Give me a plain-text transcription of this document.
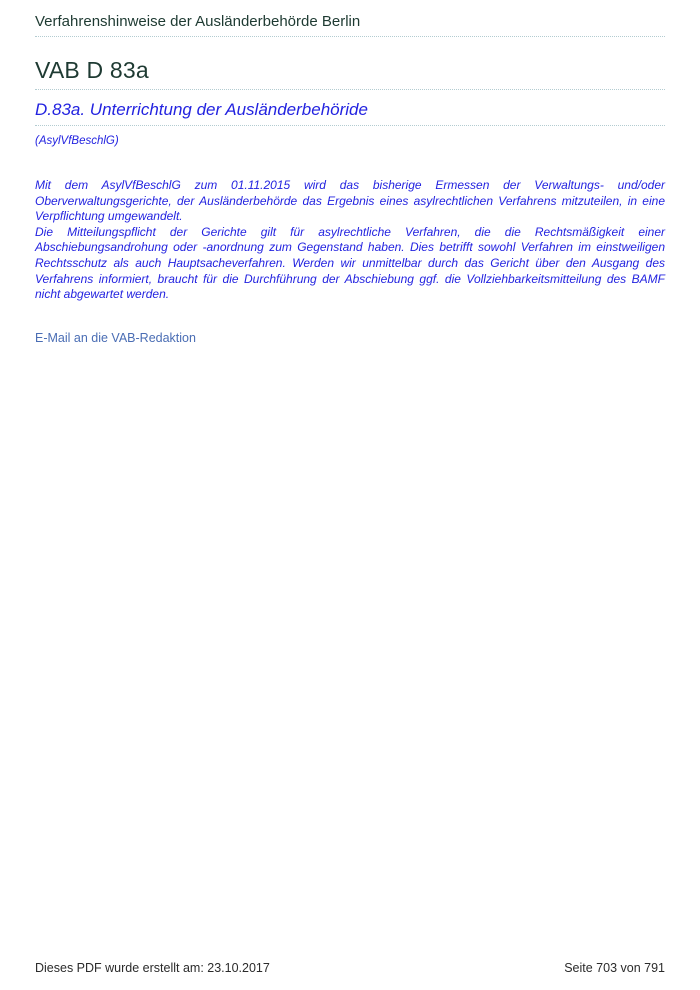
Verfahrenshinweise der Ausländerbehörde Berlin
VAB D 83a
D.83a. Unterrichtung der Ausländerbehöride
(AsylVfBeschlG)

Mit dem AsylVfBeschlG zum 01.11.2015 wird das bisherige Ermessen der Verwaltungs- und/oder Oberverwaltungsgerichte, der Ausländerbehörde das Ergebnis eines asylrechtlichen Verfahrens mitzuteilen, in eine Verpflichtung umgewandelt.

Die Mitteilungspflicht der Gerichte gilt für asylrechtliche Verfahren, die die Rechtsmäßigkeit einer Abschiebungsandrohung oder -anordnung zum Gegenstand haben. Dies betrifft sowohl Verfahren im einstweiligen Rechtsschutz als auch Hauptsacheverfahren. Werden wir unmittelbar durch das Gericht über den Ausgang des Verfahrens informiert, braucht für die Durchführung der Abschiebung ggf. die Vollziehbarkeitsmitteilung des BAMF nicht abgewartet werden.

E-Mail an die VAB-Redaktion
Dieses PDF wurde erstellt am: 23.10.2017	Seite 703 von 791
